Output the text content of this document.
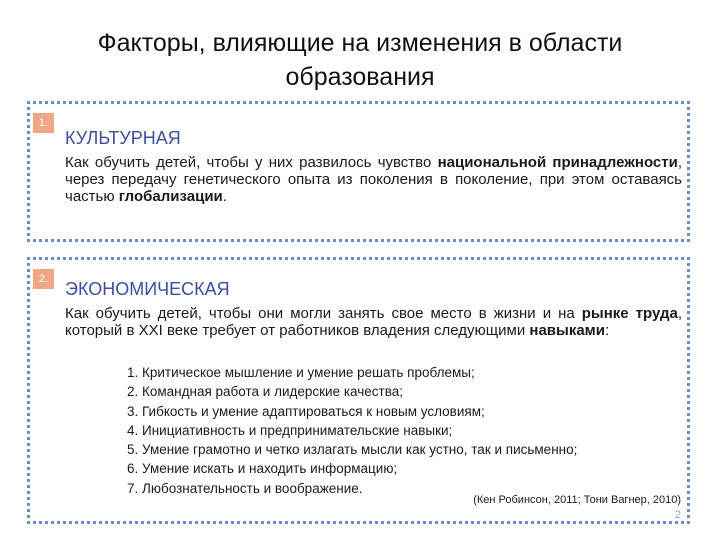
Факторы, влияющие на изменения в области
образования
1.
КУЛЬТУРНАЯ
Как обучить детей, чтобы у них развилось чувство национальной принадлежности, через передачу генетического опыта из поколения в поколение, при этом оставаясь частью глобализации.
2. ЭКОНОМИЧЕСКАЯ
Как обучить детей, чтобы они могли занять свое место в жизни и на рынке труда, который в XXI веке требует от работников владения следующими навыками:
1. Критическое мышление и умение решать проблемы;
2. Командная работа и лидерские качества;
3. Гибкость и умение адаптироваться к новым условиям;
4. Инициативность и предпринимательские навыки;
5. Умение грамотно и четко излагать мысли как устно, так и письменно;
6. Умение искать и находить информацию;
7. Любознательность и воображение.
(Кен Робинсон, 2011; Тони Вагнер, 2010)
2
